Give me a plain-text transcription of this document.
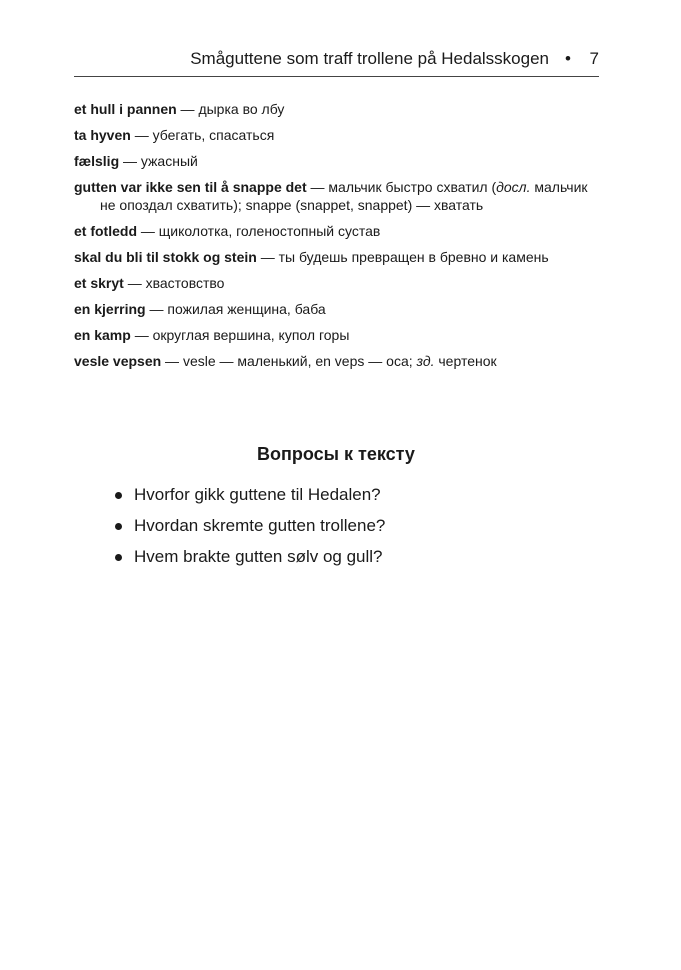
Småguttene som traff trollene på Hedalsskogen • 7
et hull i pannen — дырка во лбу
ta hyven — убегать, спасаться
fælslig — ужасный
gutten var ikke sen til å snappe det — мальчик быстро схватил (досл. мальчик не опоздал схватить); snappe (snappet, snappet) — хватать
et fotledd — щиколотка, голеностопный сустав
skal du bli til stokk og stein — ты будешь превращен в бревно и камень
et skryt — хвастовство
en kjerring — пожилая женщина, баба
en kamp — округлая вершина, купол горы
vesle vepsen — vesle — маленький, en veps — оса; зд. чертенок
Вопросы к тексту
Hvorfor gikk guttene til Hedalen?
Hvordan skremte gutten trollene?
Hvem brakte gutten sølv og gull?
